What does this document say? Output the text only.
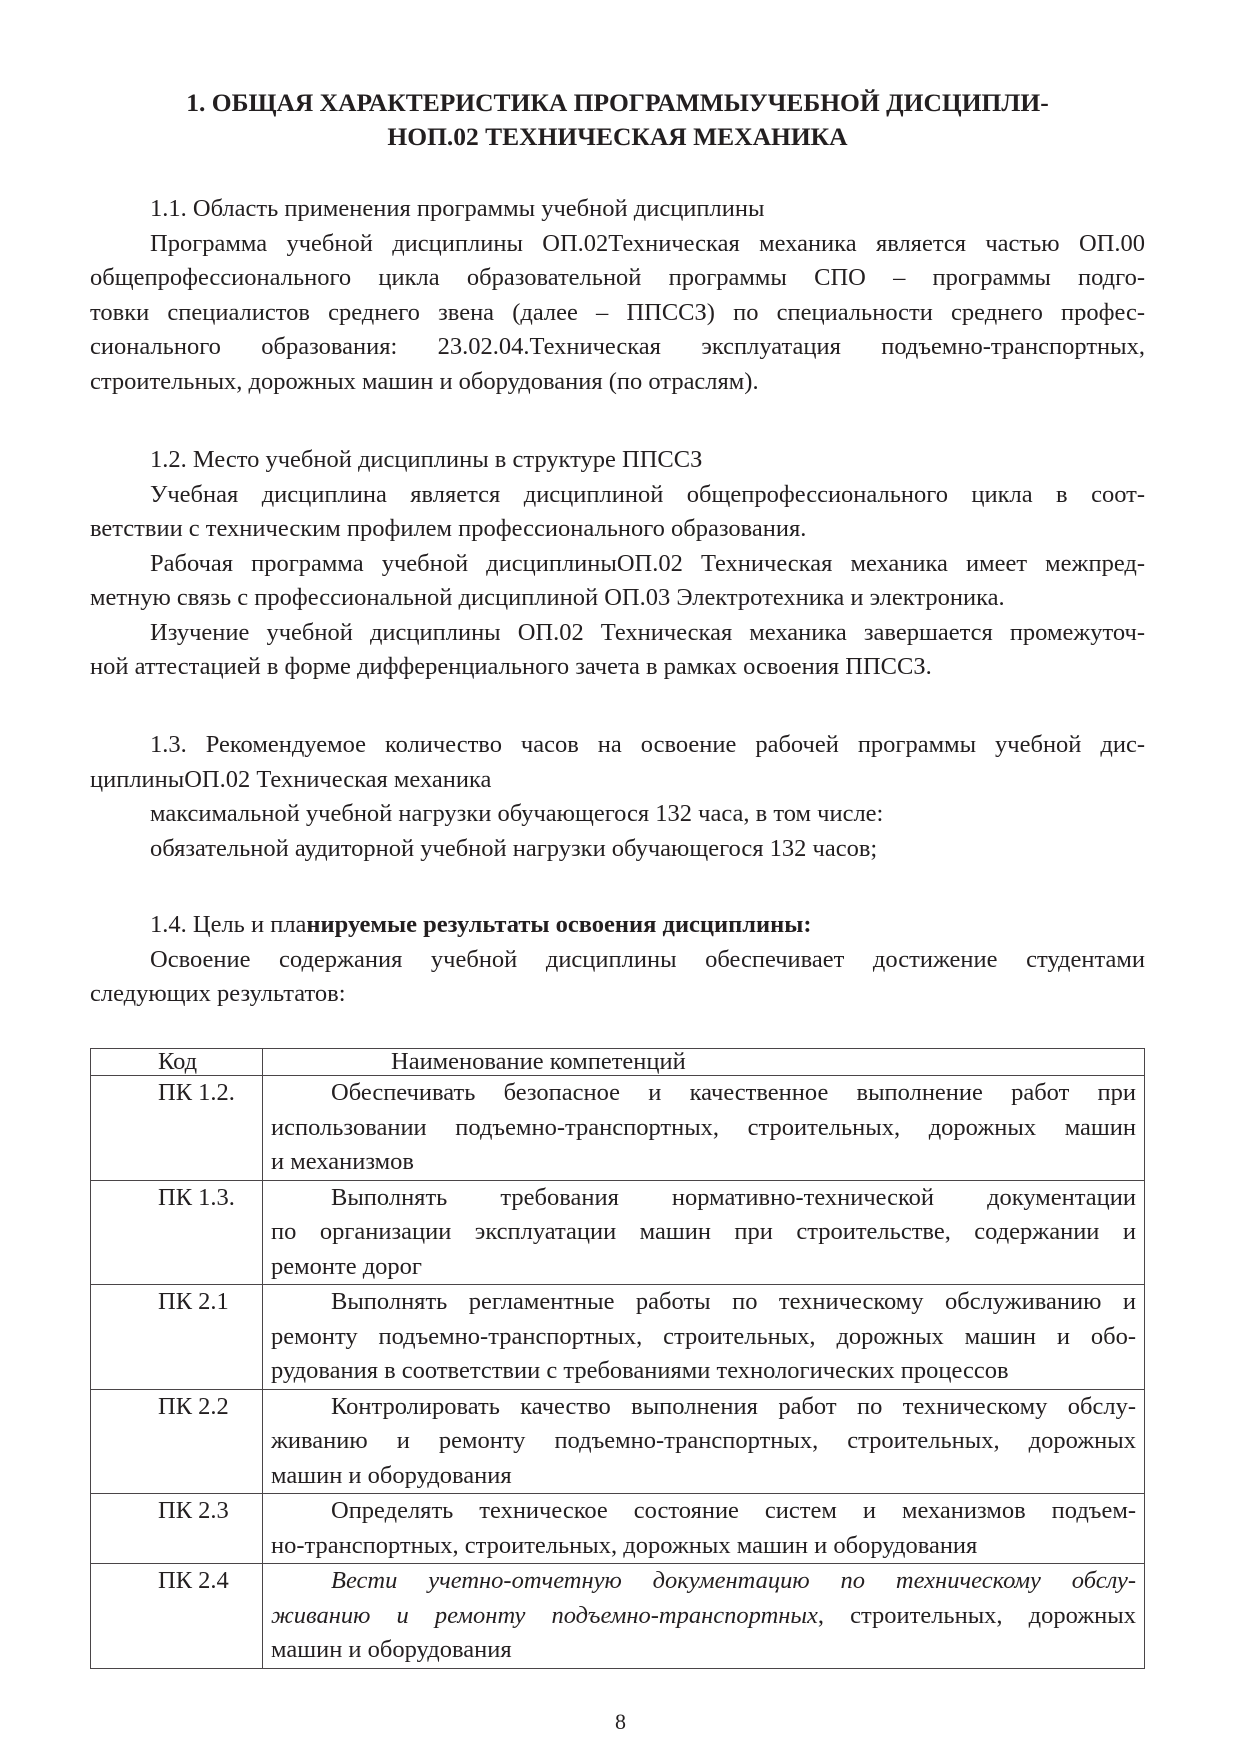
1. ОБЩАЯ ХАРАКТЕРИСТИКА ПРОГРАММЫУЧЕБНОЙ ДИСЦИПЛИ-
НОП.02 ТЕХНИЧЕСКАЯ МЕХАНИКА
1.1. Область применения программы учебной дисциплины
Программа учебной дисциплины ОП.02Техническая механика является частью ОП.00
общепрофессионального цикла образовательной программы СПО – программы подго-
товки специалистов среднего звена (далее – ППССЗ) по специальности среднего профес-
сионального образования: 23.02.04.Техническая эксплуатация подъемно-транспортных,
строительных, дорожных машин и оборудования (по отраслям).
1.2. Место учебной дисциплины в структуре ППССЗ
Учебная дисциплина является дисциплиной общепрофессионального цикла в соот-
ветствии с техническим профилем профессионального образования.
Рабочая программа учебной дисциплиныОП.02 Техническая механика имеет межпред-
метную связь с профессиональной дисциплиной ОП.03 Электротехника и электроника.
Изучение учебной дисциплины ОП.02 Техническая механика завершается промежуточ-
ной аттестацией в форме дифференциального зачета в рамках освоения ППССЗ.
1.3. Рекомендуемое количество часов на освоение рабочей программы учебной дис-
циплиныОП.02 Техническая механика
максимальной учебной нагрузки обучающегося 132 часа, в том числе:
обязательной аудиторной учебной нагрузки обучающегося 132 часов;
1.4. Цель и планируемые результаты освоения дисциплины:
Освоение содержания учебной дисциплины обеспечивает достижение студентами
следующих результатов:
Код	Наименование компетенций
ПК 1.2.	Обеспечивать безопасное и качественное выполнение работ при
использовании подъемно-транспортных, строительных, дорожных машин
и механизмов

ПК 1.3.	Выполнять требования нормативно-технической документации
по организации эксплуатации машин при строительстве, содержании и
ремонте дорог

ПК 2.1	Выполнять регламентные работы по техническому обслуживанию и
ремонту подъемно-транспортных, строительных, дорожных машин и обо-
рудования в соответствии с требованиями технологических процессов

ПК 2.2	Контролировать качество выполнения работ по техническому обслу-
живанию и ремонту подъемно-транспортных, строительных, дорожных
машин и оборудования

ПК 2.3	Определять техническое состояние систем и механизмов подъем-
но-транспортных, строительных, дорожных машин и оборудования

ПК 2.4	Вести учетно-отчетную документацию по техническому обслу-
живанию и ремонту подъемно-транспортных, строительных, дорожных
машин и оборудования
8
